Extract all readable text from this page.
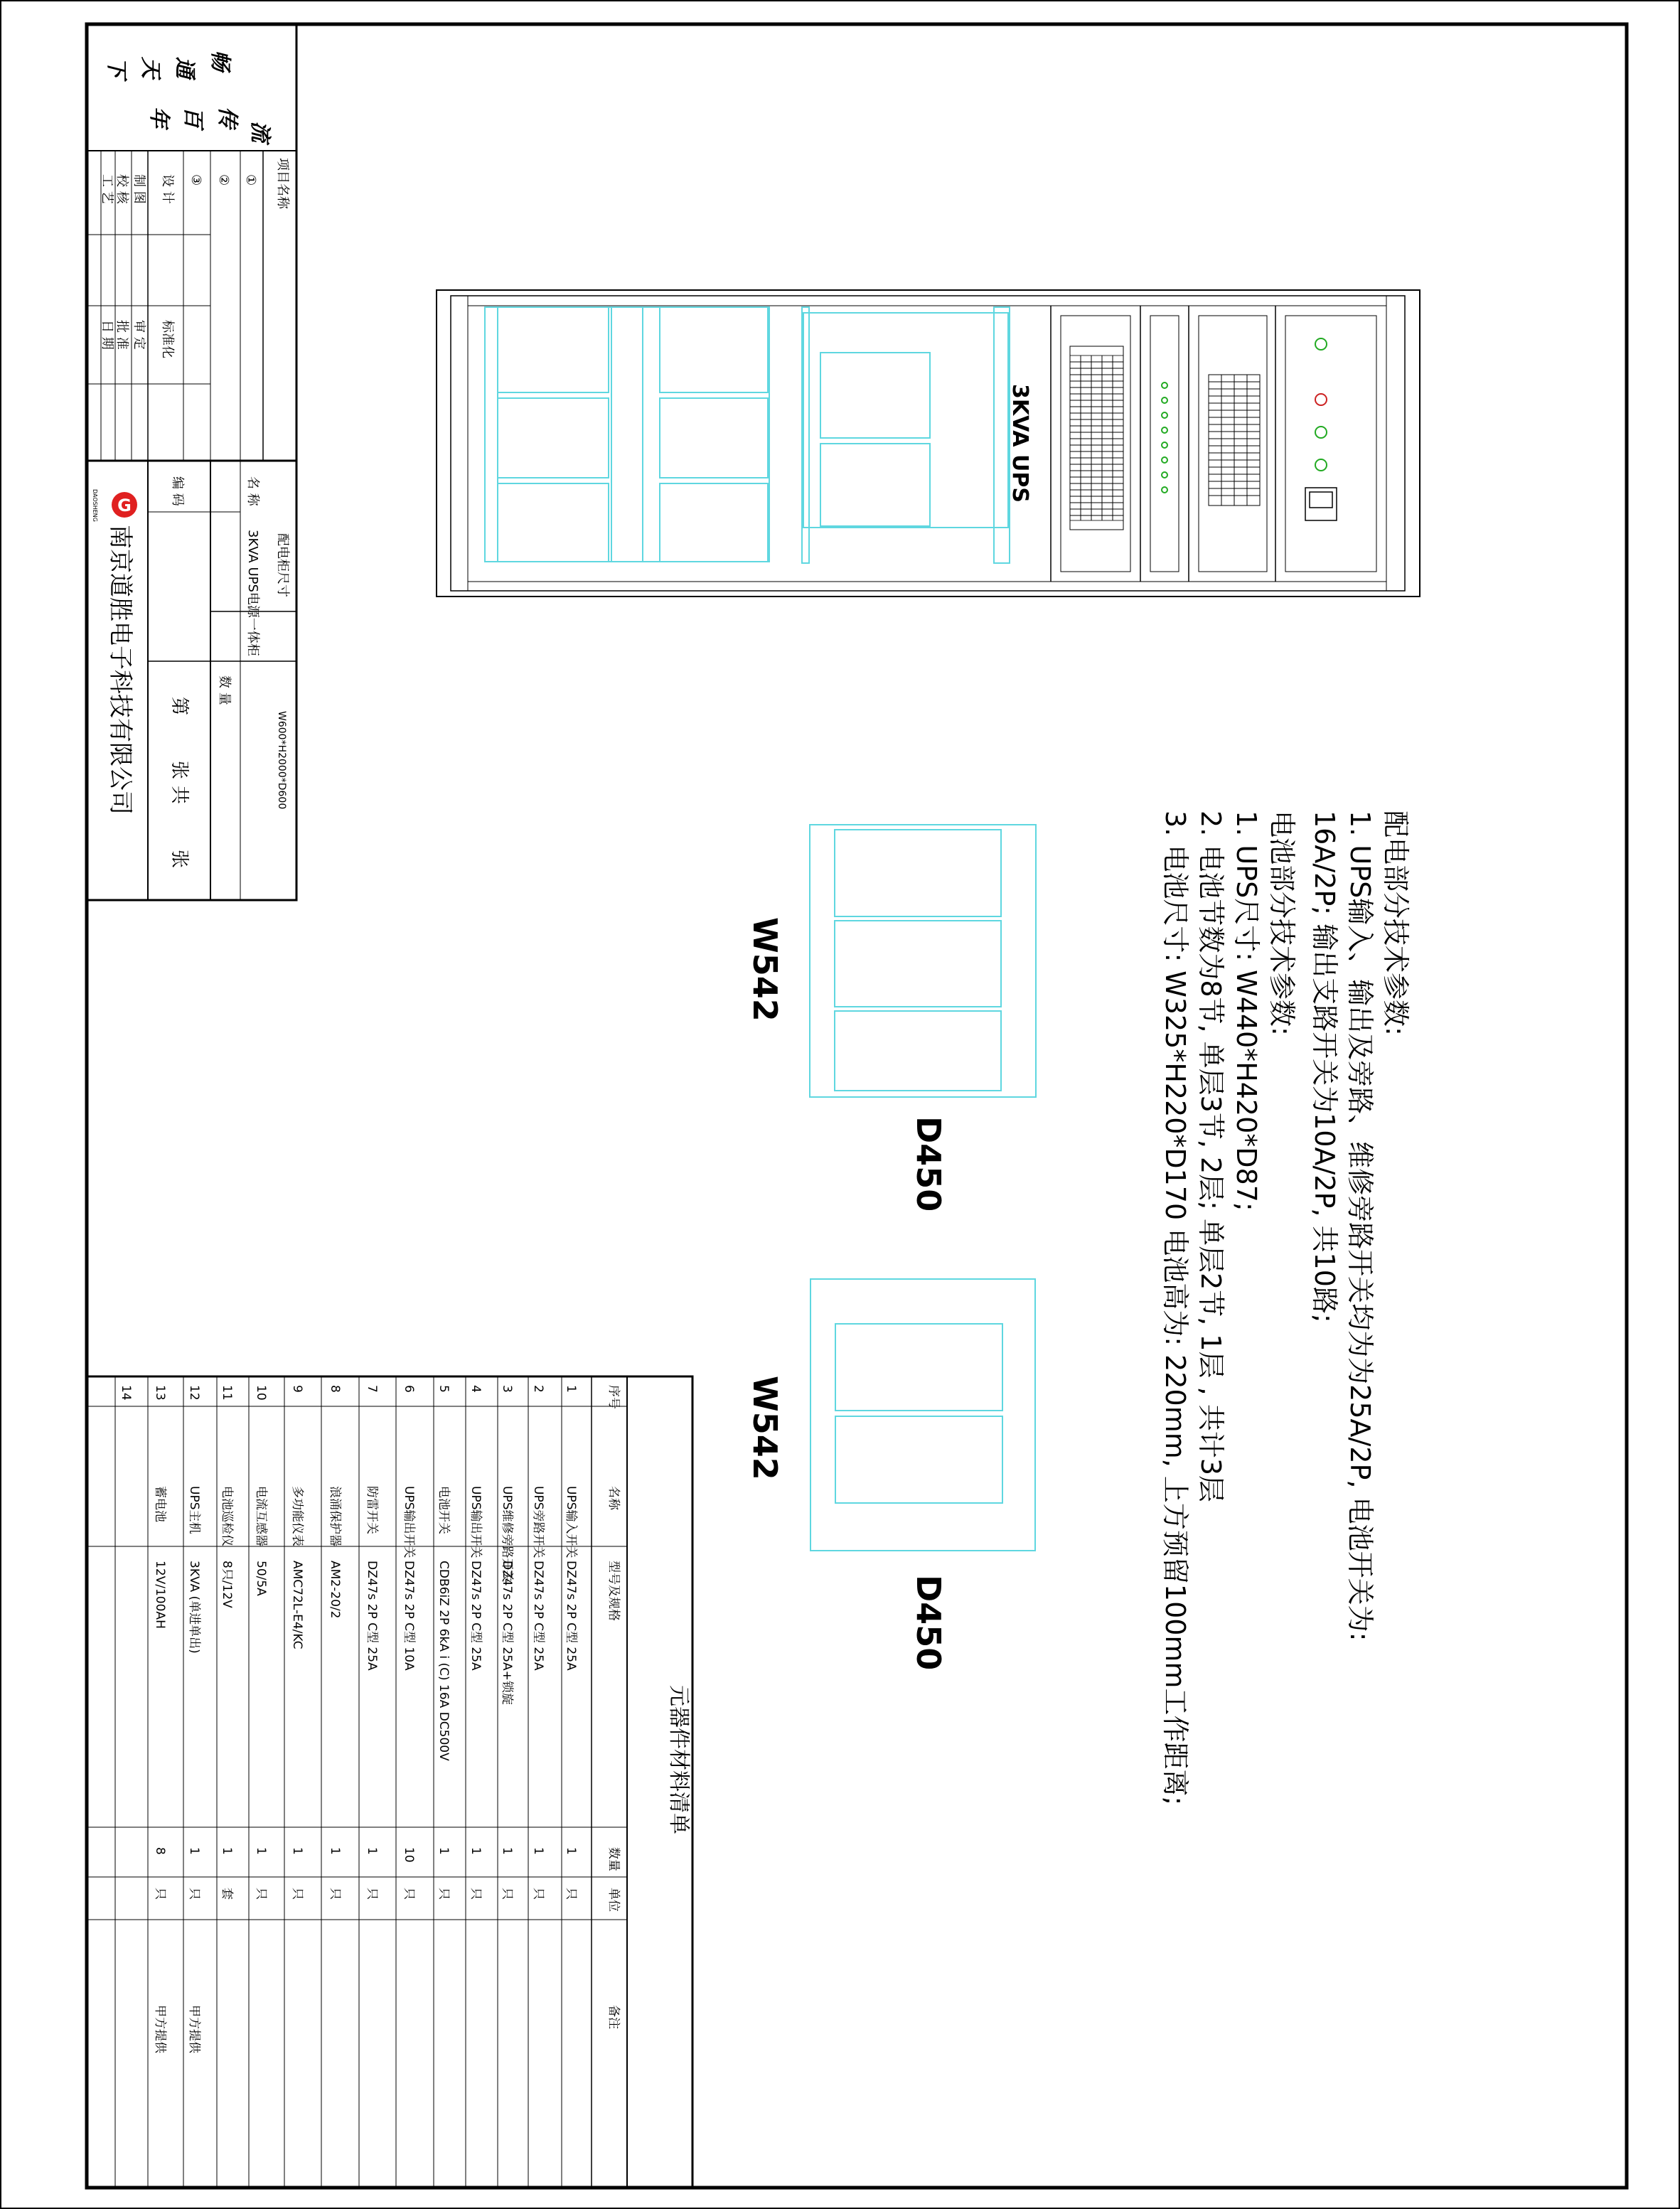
流
传
百
年
畅
通
天
下
项目名称
①
②
③
设 计
制 图
校 核
工 艺
标准化
审 定
批 准
日 期
名 称
编 码
配电柜尺寸
W600*H2000*D600
3KVA UPS电源一体柜
数 量
第
张
共
张
南京道胜电子科技有限公司
G
DAOSHENG
3KVA UPS
配电部分技术参数:
1. UPS输入、输出及旁路、维修旁路开关均为为25A/2P, 电池开关为:
16A/2P; 输出支路开关为10A/2P, 共10路;
电池部分技术参数:
1. UPS尺寸: W440*H420*D87;
2. 电池节数为8节, 单层3节, 2层; 单层2节, 1层 , 共计3层
3. 电池尺寸: W325*H220*D170 电池高为: 220mm, 上方预留100mm工作距离;
W542
D450
W542
D450
元器件材料清单
序号
名称
型号及规格
数量
单位
备注
1
UPS输入开关
DZ47s 2P C型 25A
1
只
2
UPS旁路开关
DZ47s 2P C型 25A
1
只
3
UPS维修旁路开关
DZ47s 2P C型 25A+锁旋
1
只
4
UPS输出开关
DZ47s 2P C型 25A
1
只
5
电池开关
CDB6iZ 2P 6kA i (C) 16A DC500V
1
只
6
UPS输出开关
DZ47s 2P C型 10A
10
只
7
防雷开关
DZ47s 2P C型 25A
1
只
8
浪涌保护器
AM2-20/2
1
只
9
多功能仪表
AMC72L-E4/KC
1
只
10
电流互感器
50/5A
1
只
11
电池巡检仪
8只/12V
1
套
12
UPS主机
3KVA (单进单出)
1
只
甲方提供
13
蓄电池
12V/100AH
8
只
甲方提供
14
